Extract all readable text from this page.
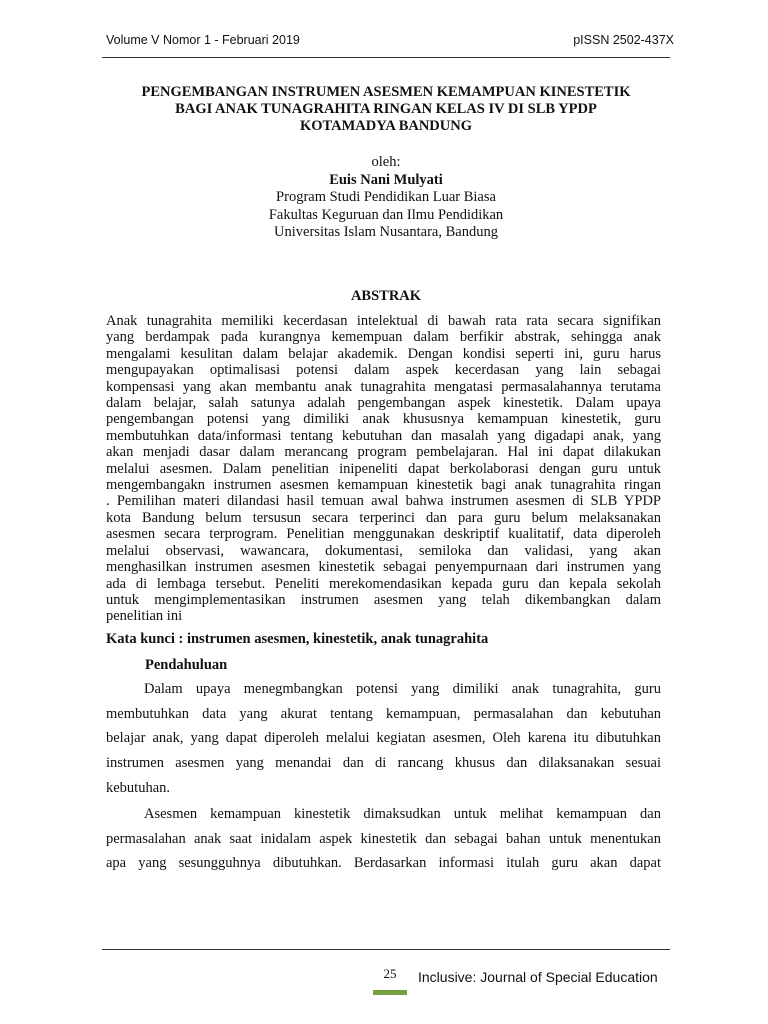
Volume V Nomor 1 - Februari 2019	pISSN 2502-437X
PENGEMBANGAN INSTRUMEN ASESMEN KEMAMPUAN KINESTETIK
BAGI ANAK TUNAGRAHITA RINGAN KELAS IV DI SLB YPDP
KOTAMADYA BANDUNG
oleh:
Euis Nani Mulyati
Program Studi Pendidikan Luar Biasa
Fakultas Keguruan dan Ilmu Pendidikan
Universitas Islam Nusantara, Bandung
ABSTRAK
Anak tunagrahita memiliki kecerdasan intelektual di bawah rata rata secara signifikan
yang berdampak pada kurangnya kemempuan dalam berfikir abstrak, sehingga anak
mengalami kesulitan dalam belajar akademik. Dengan kondisi seperti ini, guru harus
mengupayakan optimalisasi potensi dalam aspek kecerdasan yang lain sebagai
kompensasi yang akan membantu anak tunagrahita mengatasi permasalahannya terutama
dalam belajar, salah satunya adalah pengembangan aspek kinestetik. Dalam upaya
pengembangan potensi yang dimiliki anak khususnya kemampuan kinestetik, guru
membutuhkan data/informasi tentang kebutuhan dan masalah yang digadapi anak, yang
akan menjadi dasar dalam merancang program pembelajaran. Hal ini dapat dilakukan
melalui asesmen. Dalam penelitian inipeneliti dapat berkolaborasi dengan guru untuk
mengembangakn instrumen asesmen kemampuan kinestetik bagi anak tunagrahita ringan
. Pemilihan materi dilandasi hasil temuan awal bahwa instrumen asesmen di SLB YPDP
kota Bandung belum tersusun secara terperinci dan para guru belum melaksanakan
asesmen secara terprogram. Penelitian menggunakan deskriptif kualitatif, data diperoleh
melalui observasi, wawancara, dokumentasi, semiloka dan validasi, yang akan
menghasilkan instrumen asesmen kinestetik sebagai penyempurnaan dari instrumen yang
ada di lembaga tersebut. Peneliti merekomendasikan kepada guru dan kepala sekolah
untuk mengimplementasikan instrumen asesmen yang telah dikembangkan dalam
penelitian ini
Kata kunci : instrumen asesmen, kinestetik, anak tunagrahita
Pendahuluan
Dalam upaya menegmbangkan potensi yang dimiliki anak tunagrahita, guru
membutuhkan data yang akurat tentang kemampuan, permasalahan dan kebutuhan
belajar anak, yang dapat diperoleh melalui kegiatan asesmen, Oleh karena itu dibutuhkan
instrumen asesmen yang menandai dan di rancang khusus dan dilaksanakan sesuai
kebutuhan.
Asesmen kemampuan kinestetik dimaksudkan untuk melihat kemampuan dan
permasalahan anak saat inidalam aspek kinestetik dan sebagai bahan untuk menentukan
apa yang sesungguhnya dibutuhkan. Berdasarkan informasi itulah guru akan dapat
25	Inclusive: Journal of Special Education
